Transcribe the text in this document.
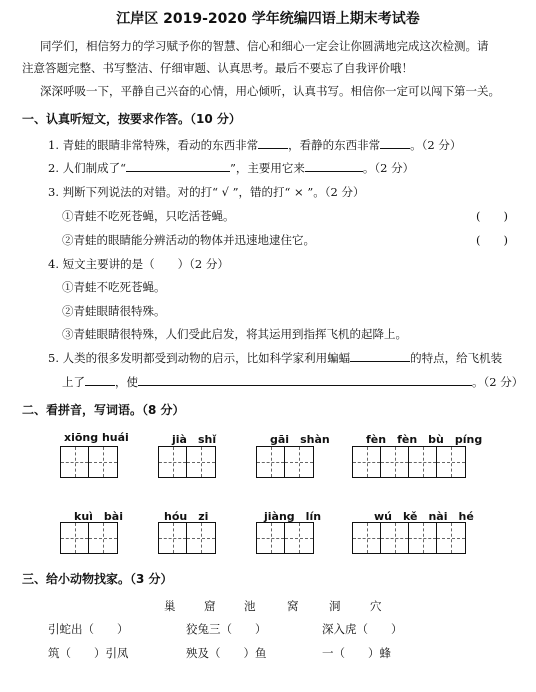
江岸区 2019-2020 学年统编四语上期末考试卷
同学们，相信努力的学习赋予你的智慧、信心和细心一定会让你圆满地完成这次检测。请
注意答题完整、书写整洁、仔细审题、认真思考。最后不要忘了自我评价哦！
深深呼吸一下，平静自己兴奋的心情，用心倾听，认真书写。相信你一定可以闯下第一关。
一、认真听短文，按要求作答。（10 分）
1. 青蛙的眼睛非常特殊，看动的东西非常	，看静的东西非常	。（2 分）
2. 人们制成了“	”，主要用它来	。（2 分）
3. 判断下列说法的对错。对的打“ √ ”，错的打“ × ”。（2 分）
①青蛙不吃死苍蝇，只吃活苍蝇。	(　　)
②青蛙的眼睛能分辨活动的物体并迅速地逮住它。	(　　)
4. 短文主要讲的是（　　）（2 分）
①青蛙不吃死苍蝇。
②青蛙眼睛很特殊。
③青蛙眼睛很特殊，人们受此启发，将其运用到指挥飞机的起降上。
5. 人类的很多发明都受到动物的启示，比如科学家利用蝙蝠	的特点，给飞机装
上了	，使	。（2 分）
二、看拼音，写词语。（8 分）
xiōng huái	jià　shǐ	gāi　shàn	fèn　fèn　bù　píng
kuì　bài	hóu　zi	jiàng　lín	wú　kě　nài　hé
三、给小动物找家。（3 分）
巢 窟 池	窝	洞	穴
引蛇出（　　）	狡兔三（　　）	深入虎（　　）
筑（　　）引凤	殃及（　　）鱼	一（　　）蜂
